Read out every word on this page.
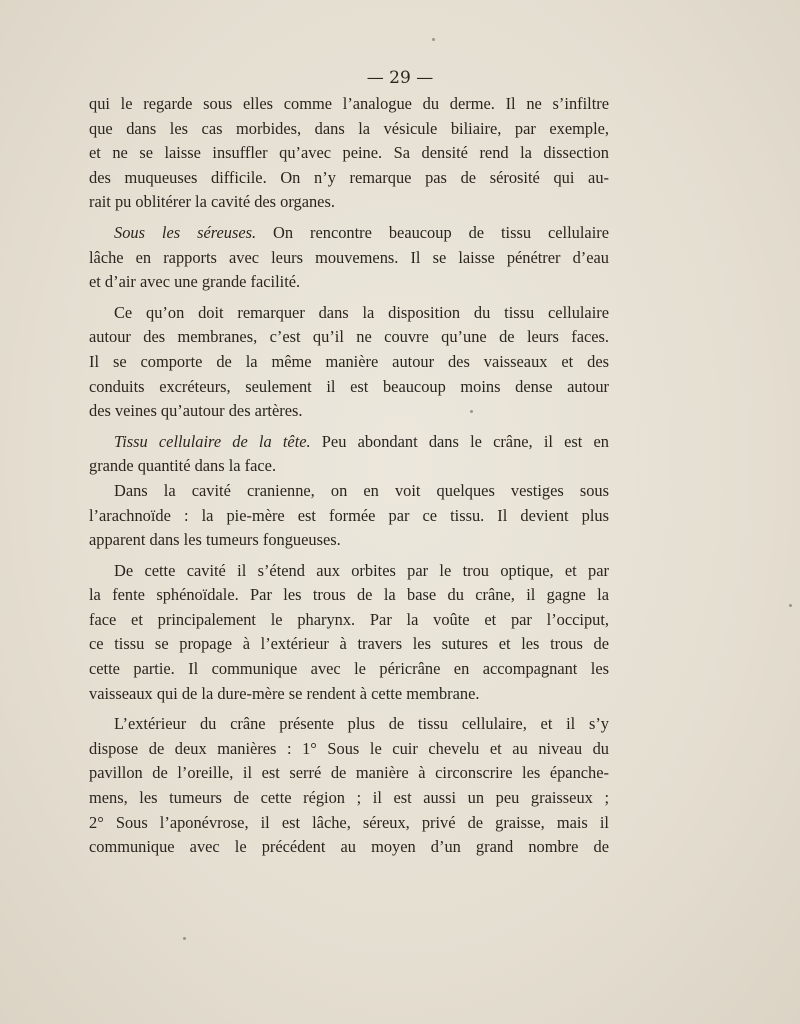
— 29 —
qui le regarde sous elles comme l’analogue du derme. Il ne s’infiltre
que dans les cas morbides, dans la vésicule biliaire, par exemple,
et ne se laisse insuffler qu’avec peine. Sa densité rend la dissection
des muqueuses difficile. On n’y remarque pas de sérosité qui au-
rait pu oblitérer la cavité des organes.
Sous les séreuses. On rencontre beaucoup de tissu cellulaire
lâche en rapports avec leurs mouvemens. Il se laisse pénétrer d’eau
et d’air avec une grande facilité.
Ce qu’on doit remarquer dans la disposition du tissu cellulaire
autour des membranes, c’est qu’il ne couvre qu’une de leurs faces.
Il se comporte de la même manière autour des vaisseaux et des
conduits excréteurs, seulement il est beaucoup moins dense autour
des veines qu’autour des artères.
Tissu cellulaire de la tête. Peu abondant dans le crâne, il est en
grande quantité dans la face.
Dans la cavité cranienne, on en voit quelques vestiges sous
l’arachnoïde : la pie-mère est formée par ce tissu. Il devient plus
apparent dans les tumeurs fongueuses.
De cette cavité il s’étend aux orbites par le trou optique, et par
la fente sphénoïdale. Par les trous de la base du crâne, il gagne la
face et principalement le pharynx. Par la voûte et par l’occiput,
ce tissu se propage à l’extérieur à travers les sutures et les trous de
cette partie. Il communique avec le péricrâne en accompagnant les
vaisseaux qui de la dure-mère se rendent à cette membrane.
L’extérieur du crâne présente plus de tissu cellulaire, et il s’y
dispose de deux manières : 1° Sous le cuir chevelu et au niveau du
pavillon de l’oreille, il est serré de manière à circonscrire les épanche-
mens, les tumeurs de cette région ; il est aussi un peu graisseux ;
2° Sous l’aponévrose, il est lâche, séreux, privé de graisse, mais il
communique avec le précédent au moyen d’un grand nombre de
